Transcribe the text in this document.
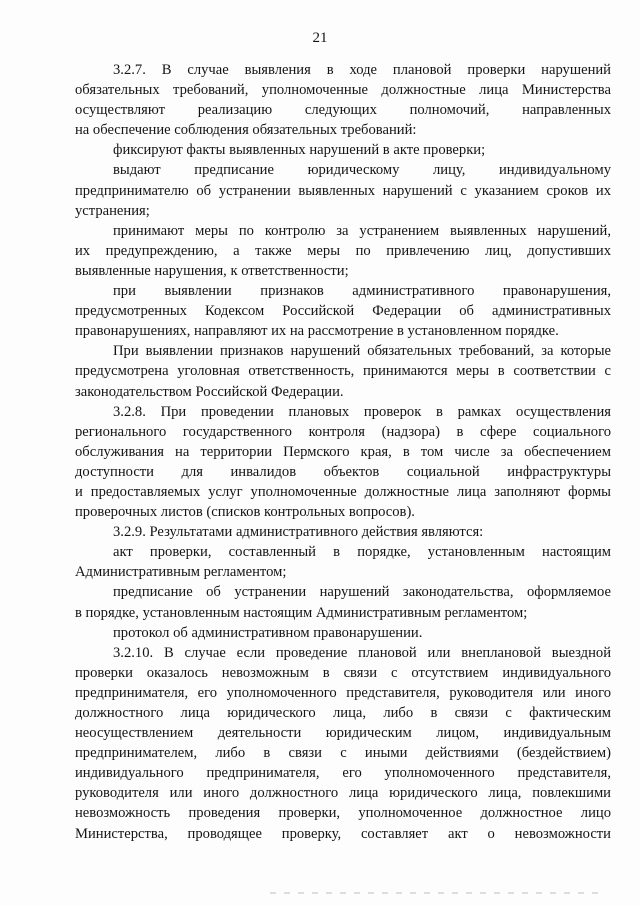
21
3.2.7. В случае выявления в ходе плановой проверки нарушений
обязательных требований, уполномоченные должностные лица Министерства
осуществляют реализацию следующих полномочий, направленных
на обеспечение соблюдения обязательных требований:
фиксируют факты выявленных нарушений в акте проверки;
выдают предписание юридическому лицу, индивидуальному
предпринимателю об устранении выявленных нарушений с указанием сроков их
устранения;
принимают меры по контролю за устранением выявленных нарушений,
их предупреждению, а также меры по привлечению лиц, допустивших
выявленные нарушения, к ответственности;
при выявлении признаков административного правонарушения,
предусмотренных Кодексом Российской Федерации об административных
правонарушениях, направляют их на рассмотрение в установленном порядке.
При выявлении признаков нарушений обязательных требований, за которые
предусмотрена уголовная ответственность, принимаются меры в соответствии с
законодательством Российской Федерации.
3.2.8. При проведении плановых проверок в рамках осуществления
регионального государственного контроля (надзора) в сфере социального
обслуживания на территории Пермского края, в том числе за обеспечением
доступности для инвалидов объектов социальной инфраструктуры
и предоставляемых услуг уполномоченные должностные лица заполняют формы
проверочных листов (списков контрольных вопросов).
3.2.9. Результатами административного действия являются:
акт проверки, составленный в порядке, установленным настоящим
Административным регламентом;
предписание об устранении нарушений законодательства, оформляемое
в порядке, установленным настоящим Административным регламентом;
протокол об административном правонарушении.
3.2.10. В случае если проведение плановой или внеплановой выездной
проверки оказалось невозможным в связи с отсутствием индивидуального
предпринимателя, его уполномоченного представителя, руководителя или иного
должностного лица юридического лица, либо в связи с фактическим
неосуществлением деятельности юридическим лицом, индивидуальным
предпринимателем, либо в связи с иными действиями (бездействием)
индивидуального предпринимателя, его уполномоченного представителя,
руководителя или иного должностного лица юридического лица, повлекшими
невозможность проведения проверки, уполномоченное должностное лицо
Министерства, проводящее проверку, составляет акт о невозможности
